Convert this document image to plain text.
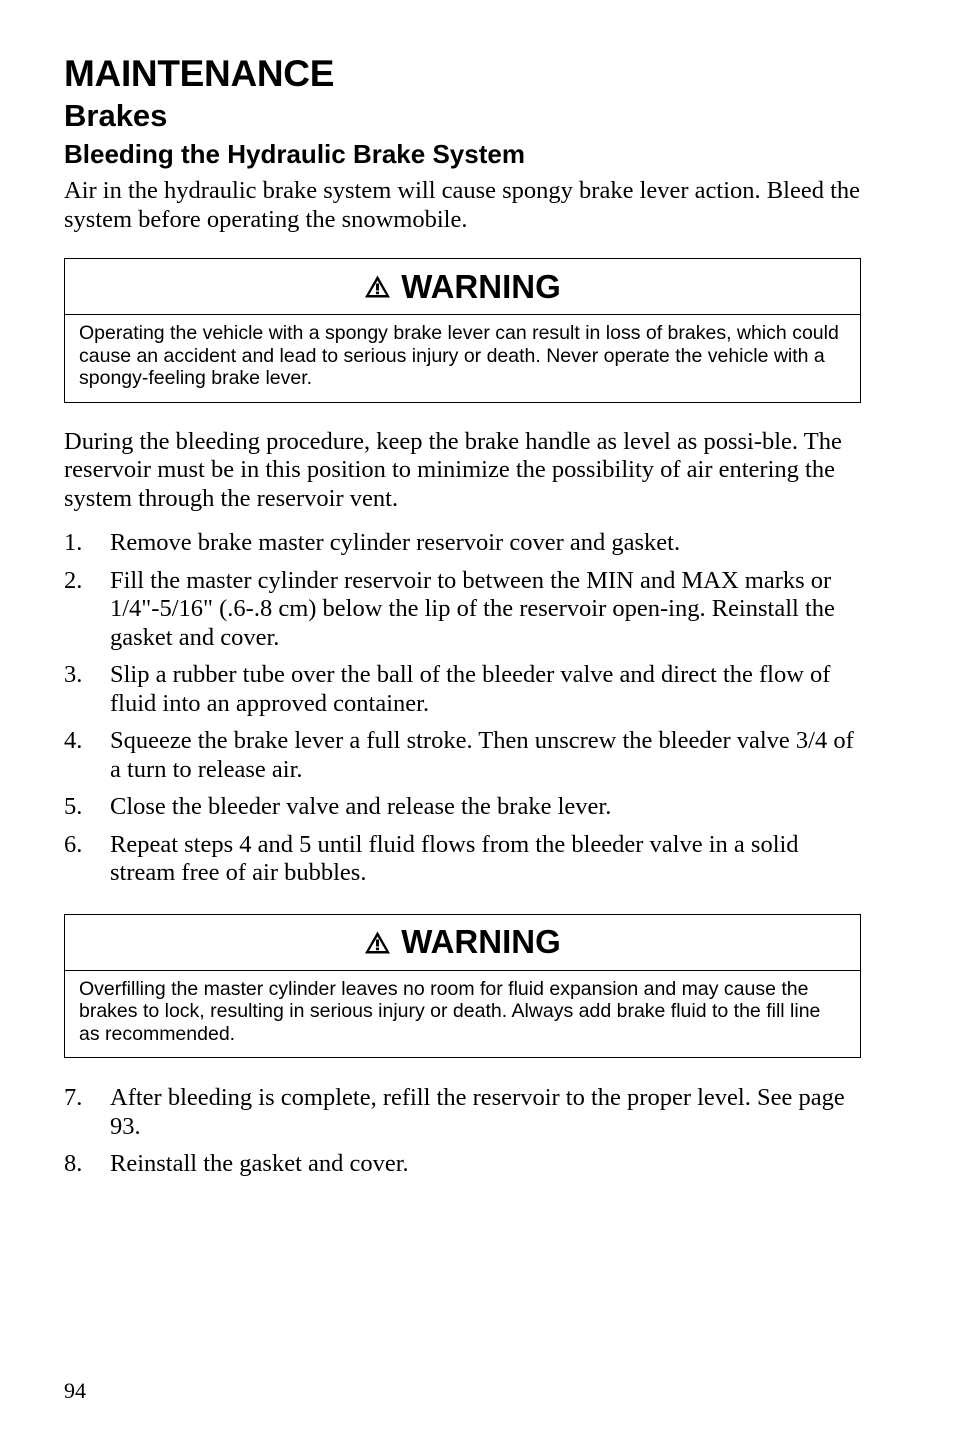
MAINTENANCE
Brakes
Bleeding the Hydraulic Brake System

Air in the hydraulic brake system will cause spongy brake lever action. Bleed the system before operating the snowmobile.

WARNING
Operating the vehicle with a spongy brake lever can result in loss of brakes, which could cause an accident and lead to serious injury or death. Never operate the vehicle with a spongy-feeling brake lever.

During the bleeding procedure, keep the brake handle as level as possi-ble. The reservoir must be in this position to minimize the possibility of air entering the system through the reservoir vent.

1. Remove brake master cylinder reservoir cover and gasket.
2. Fill the master cylinder reservoir to between the MIN and MAX marks or 1/4"-5/16" (.6-.8 cm) below the lip of the reservoir open-ing. Reinstall the gasket and cover.
3. Slip a rubber tube over the ball of the bleeder valve and direct the flow of fluid into an approved container.
4. Squeeze the brake lever a full stroke. Then unscrew the bleeder valve 3/4 of a turn to release air.
5. Close the bleeder valve and release the brake lever.
6. Repeat steps 4 and 5 until fluid flows from the bleeder valve in a solid stream free of air bubbles.
WARNING
Overfilling the master cylinder leaves no room for fluid expansion and may cause the brakes to lock, resulting in serious injury or death. Always add brake fluid to the fill line as recommended.
7. After bleeding is complete, refill the reservoir to the proper level. See page 93.
8. Reinstall the gasket and cover.
94
